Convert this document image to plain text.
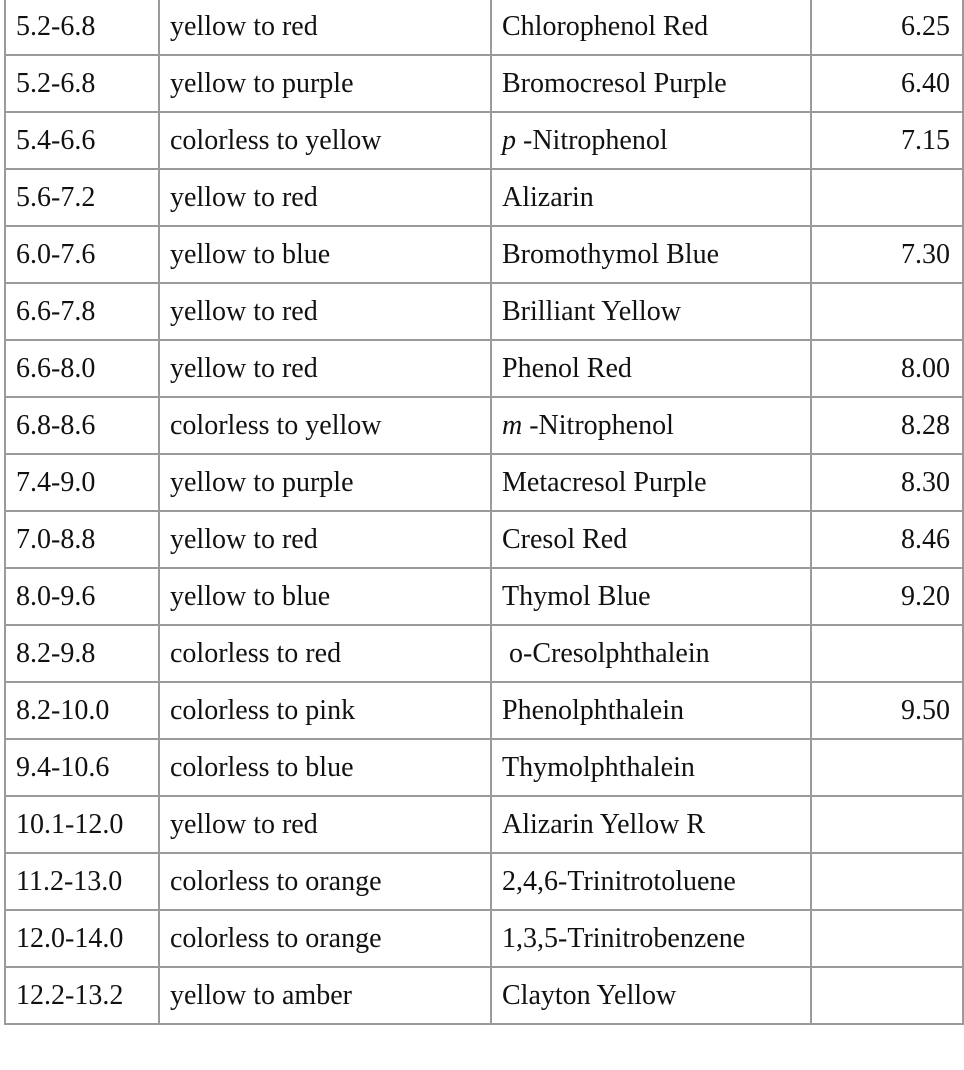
5.2-6.8	yellow to red	Chlorophenol Red	6.25
5.2-6.8	yellow to purple	Bromocresol Purple	6.40
5.4-6.6	colorless to yellow	p -Nitrophenol	7.15
5.6-7.2	yellow to red	Alizarin	
6.0-7.6	yellow to blue	Bromothymol Blue	7.30
6.6-7.8	yellow to red	Brilliant Yellow	
6.6-8.0	yellow to red	Phenol Red	8.00
6.8-8.6	colorless to yellow	m -Nitrophenol	8.28
7.4-9.0	yellow to purple	Metacresol Purple	8.30
7.0-8.8	yellow to red	Cresol Red	8.46
8.0-9.6	yellow to blue	Thymol Blue	9.20
8.2-9.8	colorless to red	o-Cresolphthalein	
8.2-10.0	colorless to pink	Phenolphthalein	9.50
9.4-10.6	colorless to blue	Thymolphthalein	
10.1-12.0	yellow to red	Alizarin Yellow R	
11.2-13.0	colorless to orange	2,4,6-Trinitrotoluene	
12.0-14.0	colorless to orange	1,3,5-Trinitrobenzene	
12.2-13.2	yellow to amber	Clayton Yellow	
